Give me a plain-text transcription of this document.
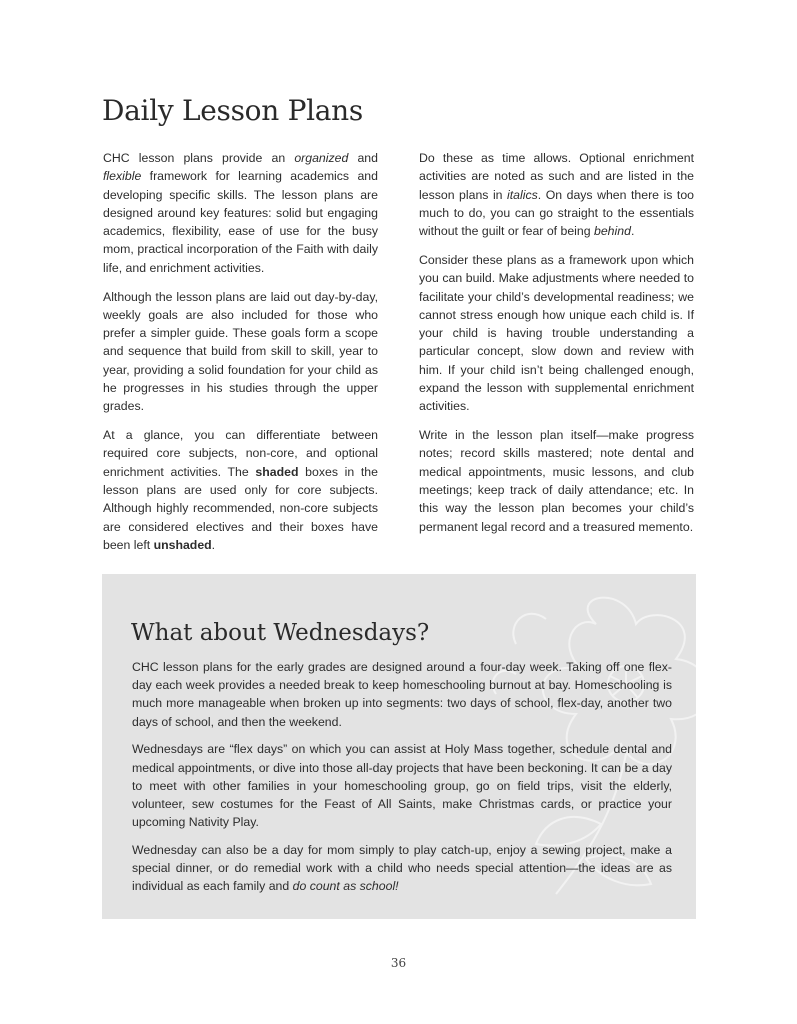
Daily Lesson Plans

CHC lesson plans provide an organized and flexible framework for learning academics and developing specific skills. The lesson plans are designed around key features: solid but engaging academics, flexibility, ease of use for the busy mom, practical incorporation of the Faith with daily life, and enrichment activities.

Although the lesson plans are laid out day-by-day, weekly goals are also included for those who prefer a simpler guide. These goals form a scope and sequence that build from skill to skill, year to year, providing a solid foundation for your child as he progresses in his studies through the upper grades.

At a glance, you can differentiate between required core subjects, non-core, and optional enrichment activities. The shaded boxes in the lesson plans are used only for core subjects. Although highly recommended, non-core subjects are considered electives and their boxes have been left unshaded.

Do these as time allows. Optional enrichment activities are noted as such and are listed in the lesson plans in italics. On days when there is too much to do, you can go straight to the essentials without the guilt or fear of being behind.

Consider these plans as a framework upon which you can build. Make adjustments where needed to facilitate your child’s developmental readiness; we cannot stress enough how unique each child is. If your child is having trouble understanding a particular concept, slow down and review with him. If your child isn’t being challenged enough, expand the lesson with supplemental enrichment activities.

Write in the lesson plan itself—make progress notes; record skills mastered; note dental and medical appointments, music lessons, and club meetings; keep track of daily attendance; etc. In this way the lesson plan becomes your child’s permanent legal record and a treasured memento.

What about Wednesdays?

CHC lesson plans for the early grades are designed around a four-day week. Taking off one flex-day each week provides a needed break to keep homeschooling burnout at bay. Homeschooling is much more manageable when broken up into segments: two days of school, flex-day, another two days of school, and then the weekend.

Wednesdays are “flex days” on which you can assist at Holy Mass together, schedule dental and medical appointments, or dive into those all-day projects that have been beckoning. It can be a day to meet with other families in your homeschooling group, go on field trips, visit the elderly, volunteer, sew costumes for the Feast of All Saints, make Christmas cards, or practice your upcoming Nativity Play.

Wednesday can also be a day for mom simply to play catch-up, enjoy a sewing project, make a special dinner, or do remedial work with a child who needs special attention—the ideas are as individual as each family and do count as school!

36
